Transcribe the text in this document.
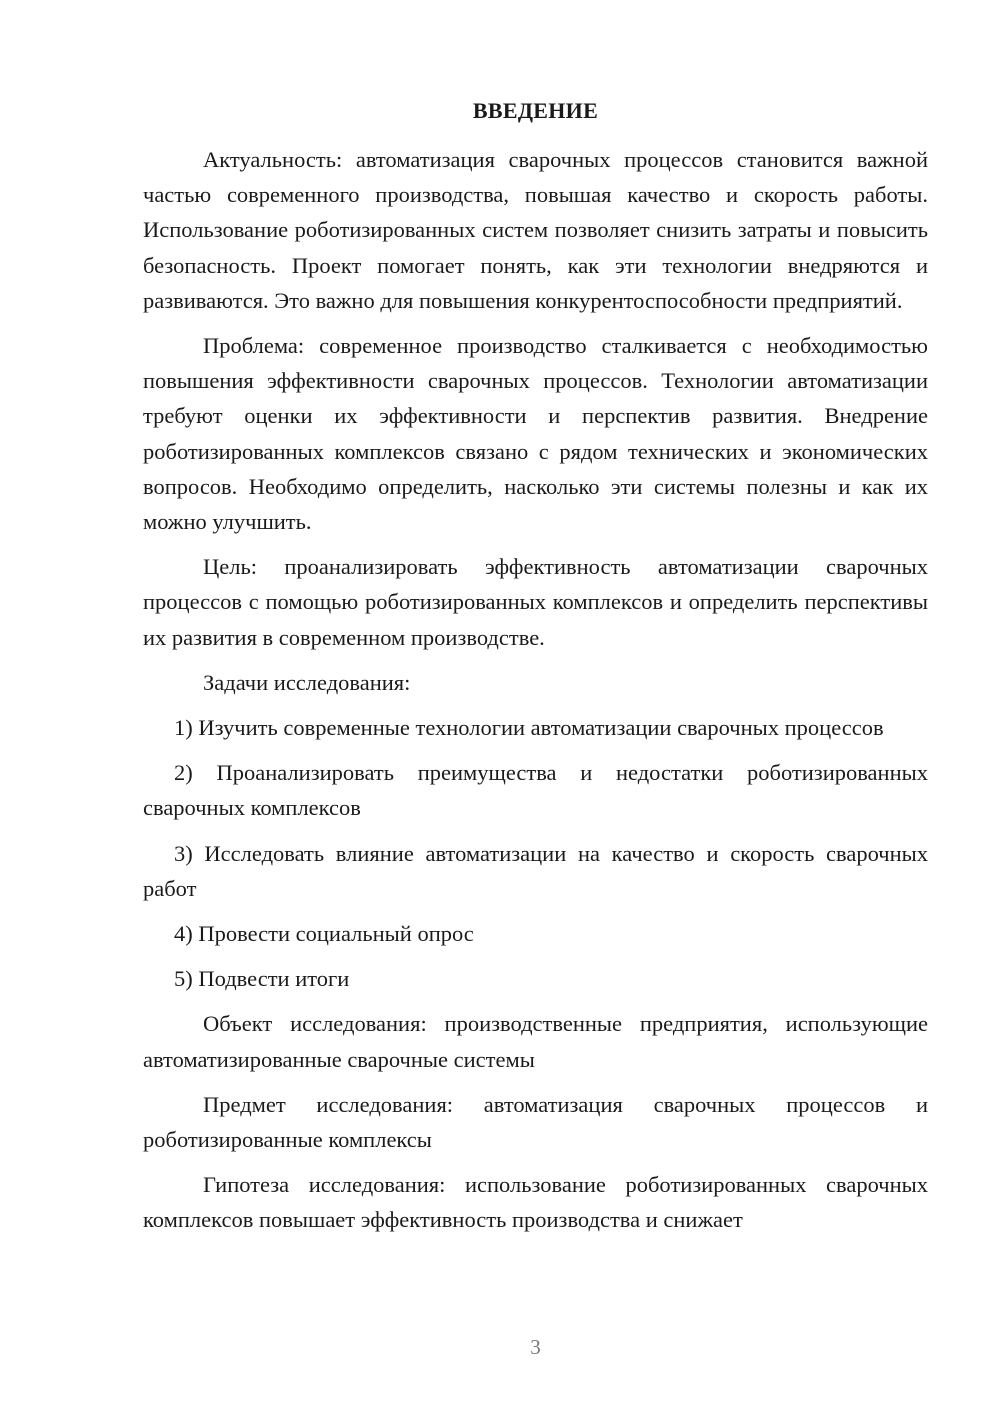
ВВЕДЕНИЕ

Актуальность: автоматизация сварочных процессов становится важной частью современного производства, повышая качество и скорость работы. Использование роботизированных систем позволяет снизить затраты и повысить безопасность. Проект помогает понять, как эти технологии внедряются и развиваются. Это важно для повышения конкурентоспособности предприятий.

Проблема: современное производство сталкивается с необходимостью повышения эффективности сварочных процессов. Технологии автоматизации требуют оценки их эффективности и перспектив развития. Внедрение роботизированных комплексов связано с рядом технических и экономических вопросов. Необходимо определить, насколько эти системы полезны и как их можно улучшить.

Цель: проанализировать эффективность автоматизации сварочных процессов с помощью роботизированных комплексов и определить перспективы их развития в современном производстве.

Задачи исследования:

1) Изучить современные технологии автоматизации сварочных процессов

2) Проанализировать преимущества и недостатки роботизированных сварочных комплексов

3) Исследовать влияние автоматизации на качество и скорость сварочных работ

4) Провести социальный опрос

5) Подвести итоги

Объект исследования: производственные предприятия, использующие автоматизированные сварочные системы

Предмет исследования: автоматизация сварочных процессов и роботизированные комплексы

Гипотеза исследования: использование роботизированных сварочных комплексов повышает эффективность производства и снижает

3
